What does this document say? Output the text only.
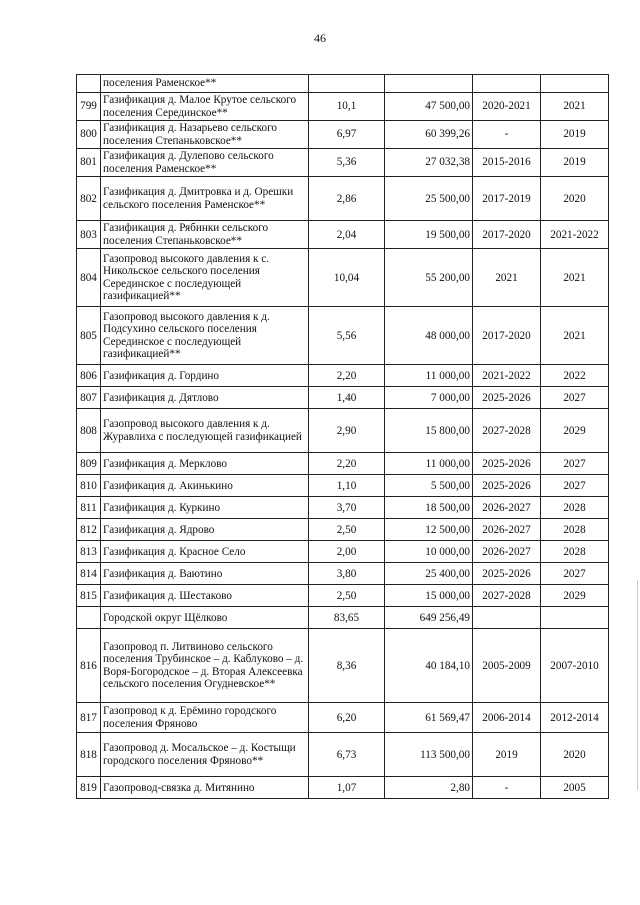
46
	поселения Раменское**				
799	Газификация д. Малое Крутое сельского поселения Серединское**	10,1	47 500,00	2020-2021	2021
800	Газификация д. Назарьево сельского поселения Степаньковское**	6,97	60 399,26	-	2019
801	Газификация д. Дулепово сельского поселения Раменское**	5,36	27 032,38	2015-2016	2019
802	Газификация д. Дмитровка и д. Орешки сельского поселения Раменское**	2,86	25 500,00	2017-2019	2020
803	Газификация д. Рябинки сельского поселения Степаньковское**	2,04	19 500,00	2017-2020	2021-2022
804	Газопровод высокого давления к с. Никольское сельского поселения Серединское с последующей газификацией**	10,04	55 200,00	2021	2021
805	Газопровод высокого давления к д. Подсухино сельского поселения Серединское с последующей газификацией**	5,56	48 000,00	2017-2020	2021
806	Газификация д. Гордино	2,20	11 000,00	2021-2022	2022
807	Газификация д. Дятлово	1,40	7 000,00	2025-2026	2027
808	Газопровод высокого давления к д. Журавлиха с последующей газификацией	2,90	15 800,00	2027-2028	2029
809	Газификация д. Мерклово	2,20	11 000,00	2025-2026	2027
810	Газификация д. Акинькино	1,10	5 500,00	2025-2026	2027
811	Газификация д. Куркино	3,70	18 500,00	2026-2027	2028
812	Газификация д. Ядрово	2,50	12 500,00	2026-2027	2028
813	Газификация д. Красное Село	2,00	10 000,00	2026-2027	2028
814	Газификация д. Ваютино	3,80	25 400,00	2025-2026	2027
815	Газификация д. Шестаково	2,50	15 000,00	2027-2028	2029
	Городской округ Щёлково	83,65	649 256,49		
816	Газопровод п. Литвиново сельского поселения Трубинское – д. Каблуково – д. Воря-Богородское – д. Вторая Алексеевка сельского поселения Огудневское**	8,36	40 184,10	2005-2009	2007-2010
817	Газопровод к д. Ерёмино городского поселения Фряново	6,20	61 569,47	2006-2014	2012-2014
818	Газопровод д. Мосальское – д. Костыщи городского поселения Фряново**	6,73	113 500,00	2019	2020
819	Газопровод-связка д. Митянино	1,07	2,80	-	2005
